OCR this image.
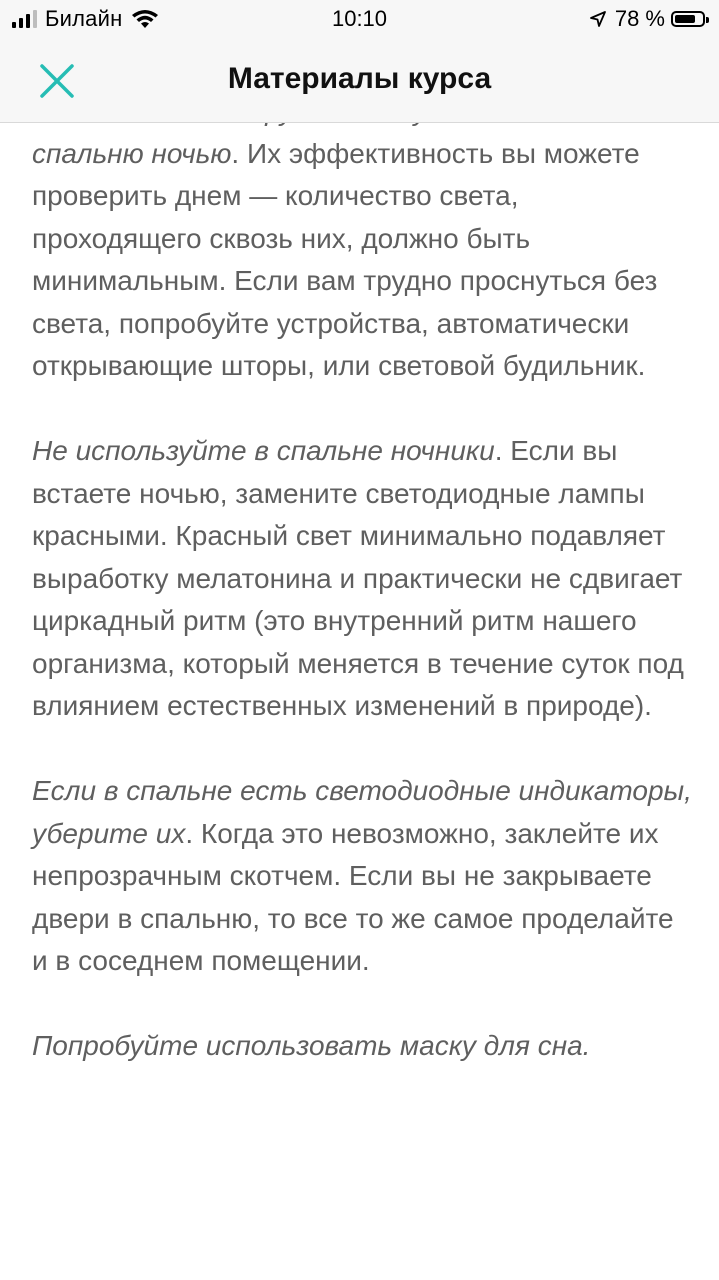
Билайн	10:10	78 %
Материалы курса

спальню ночью. Их эффективность вы можете проверить днем — количество света, проходящего сквозь них, должно быть минимальным. Если вам трудно проснуться без света, попробуйте устройства, автоматически открывающие шторы, или световой будильник.

Не используйте в спальне ночники. Если вы встаете ночью, замените светодиодные лампы красными. Красный свет минимально подавляет выработку мелатонина и практически не сдвигает циркадный ритм (это внутренний ритм нашего организма, который меняется в течение суток под влиянием естественных изменений в природе).

Если в спальне есть светодиодные индикаторы, уберите их. Когда это невозможно, заклейте их непрозрачным скотчем. Если вы не закрываете двери в спальню, то все то же самое проделайте и в соседнем помещении.

Попробуйте использовать маску для сна.
